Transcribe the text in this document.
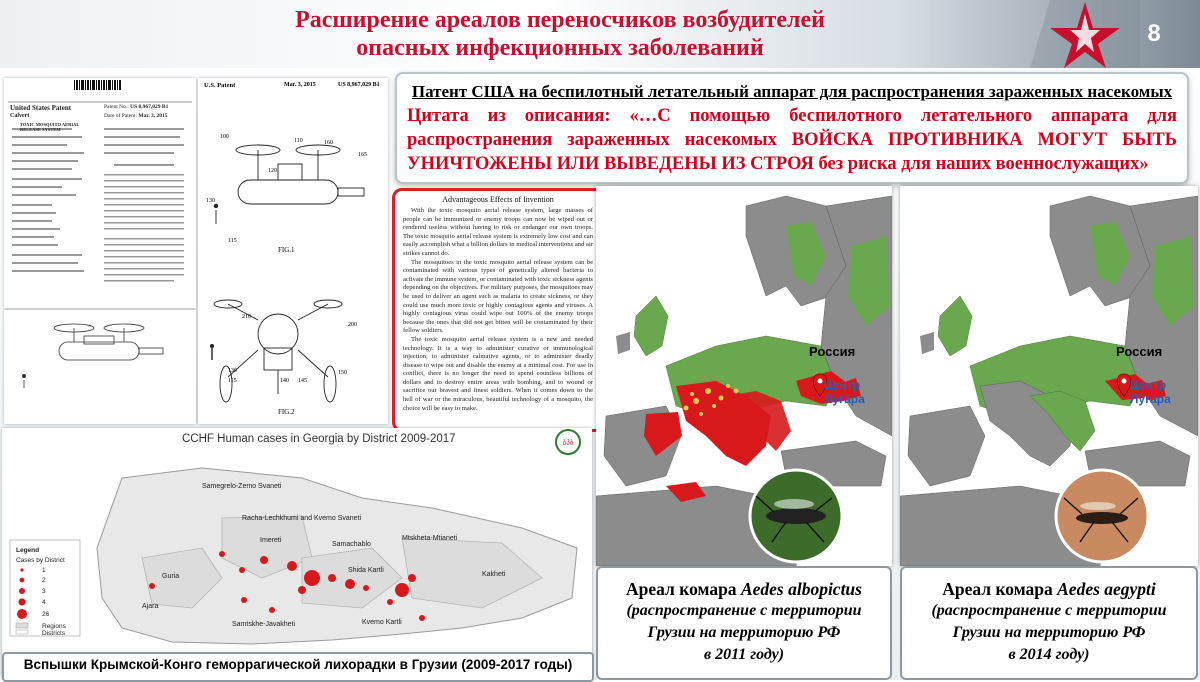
Расширение ареалов переносчиков возбудителей
опасных инфекционных заболеваний
8
United States Patent
Calvert
Patent No.: US 8,967,029 B1
Date of Patent: Mar. 3, 2015
TOXIC MOSQUITO AERIAL RELEASE SYSTEM
U.S. Patent	Mar. 3, 2015	US 8,967,029 B1
100
110	160
165
120
130
115
FIG.1
210
200
140 145
150
130
115
FIG.2
Патент США на беспилотный летательный аппарат для распространения зараженных насекомых
Цитата из описания: «…С помощью беспилотного летательного аппарата для распространения зараженных насекомых ВОЙСКА ПРОТИВНИКА МОГУТ БЫТЬ УНИЧТОЖЕНЫ ИЛИ ВЫВЕДЕНЫ ИЗ СТРОЯ без риска для наших военнослужащих»
Advantageous Effects of Invention
With the toxic mosquito aerial release system, large masses of people can be immunized or enemy troops can now be wiped out or rendered useless without having to risk or endanger our own troops. The toxic mosquito aerial release system is extremely low cost and can easily accomplish what a billion dollars in medical interventions and air strikes cannot do.
The mosquitoes in the toxic mosquito aerial release system can be contaminated with various types of genetically altered bacteria to activate the immune system, or contaminated with toxic sickness agents depending on the objectives. For military purposes, the mosquitoes may be used to deliver an agent such as malaria to create sickness, or they could use much more toxic or highly contagious agents and viruses. A highly contagious virus could wipe out 100% of the enemy troops because the ones that did not get bitten will be contaminated by their fellow soldiers.
The toxic mosquito aerial release system is a new and needed technology. It is a way to administer curative or immunological injection, to administer calmative agents, or to administer deadly disease to wipe out and disable the enemy at a minimal cost. For use in conflict, there is no longer the need to spend countless billions of dollars and to destroy entire areas with bombing, and to wound or sacrifice our bravest and finest soldiers. When it comes down to the hell of war or the miraculous, beautiful technology of a mosquito, the choice will be easy to make.
Россия
Центр
Лугара
Россия
Центр
Лугара
Ареал комара Aedes albopictus
(распространение с территории
Грузии на территорию РФ
в 2011 году)
Ареал комара Aedes aegypti
(распространение с территории
Грузии на территорию РФ
в 2014 году)
CCHF Human cases in Georgia by District 2009-2017
Samegrelo-Zemo Svaneti
Racha-Lechkhumi and Kvemo Svaneti
Imereti
Samachablo
Mtskheta-Mtianeti
Guria
Ajara
Samtskhe-Javakheti
Shida Kartli
Kvemo Kartli
Kakheti
Legend
Cases by District
1
2
3
4
26
Regions
Districts
ბპბ
Вспышки Крымской-Конго геморрагической лихорадки в Грузии (2009-2017 годы)
